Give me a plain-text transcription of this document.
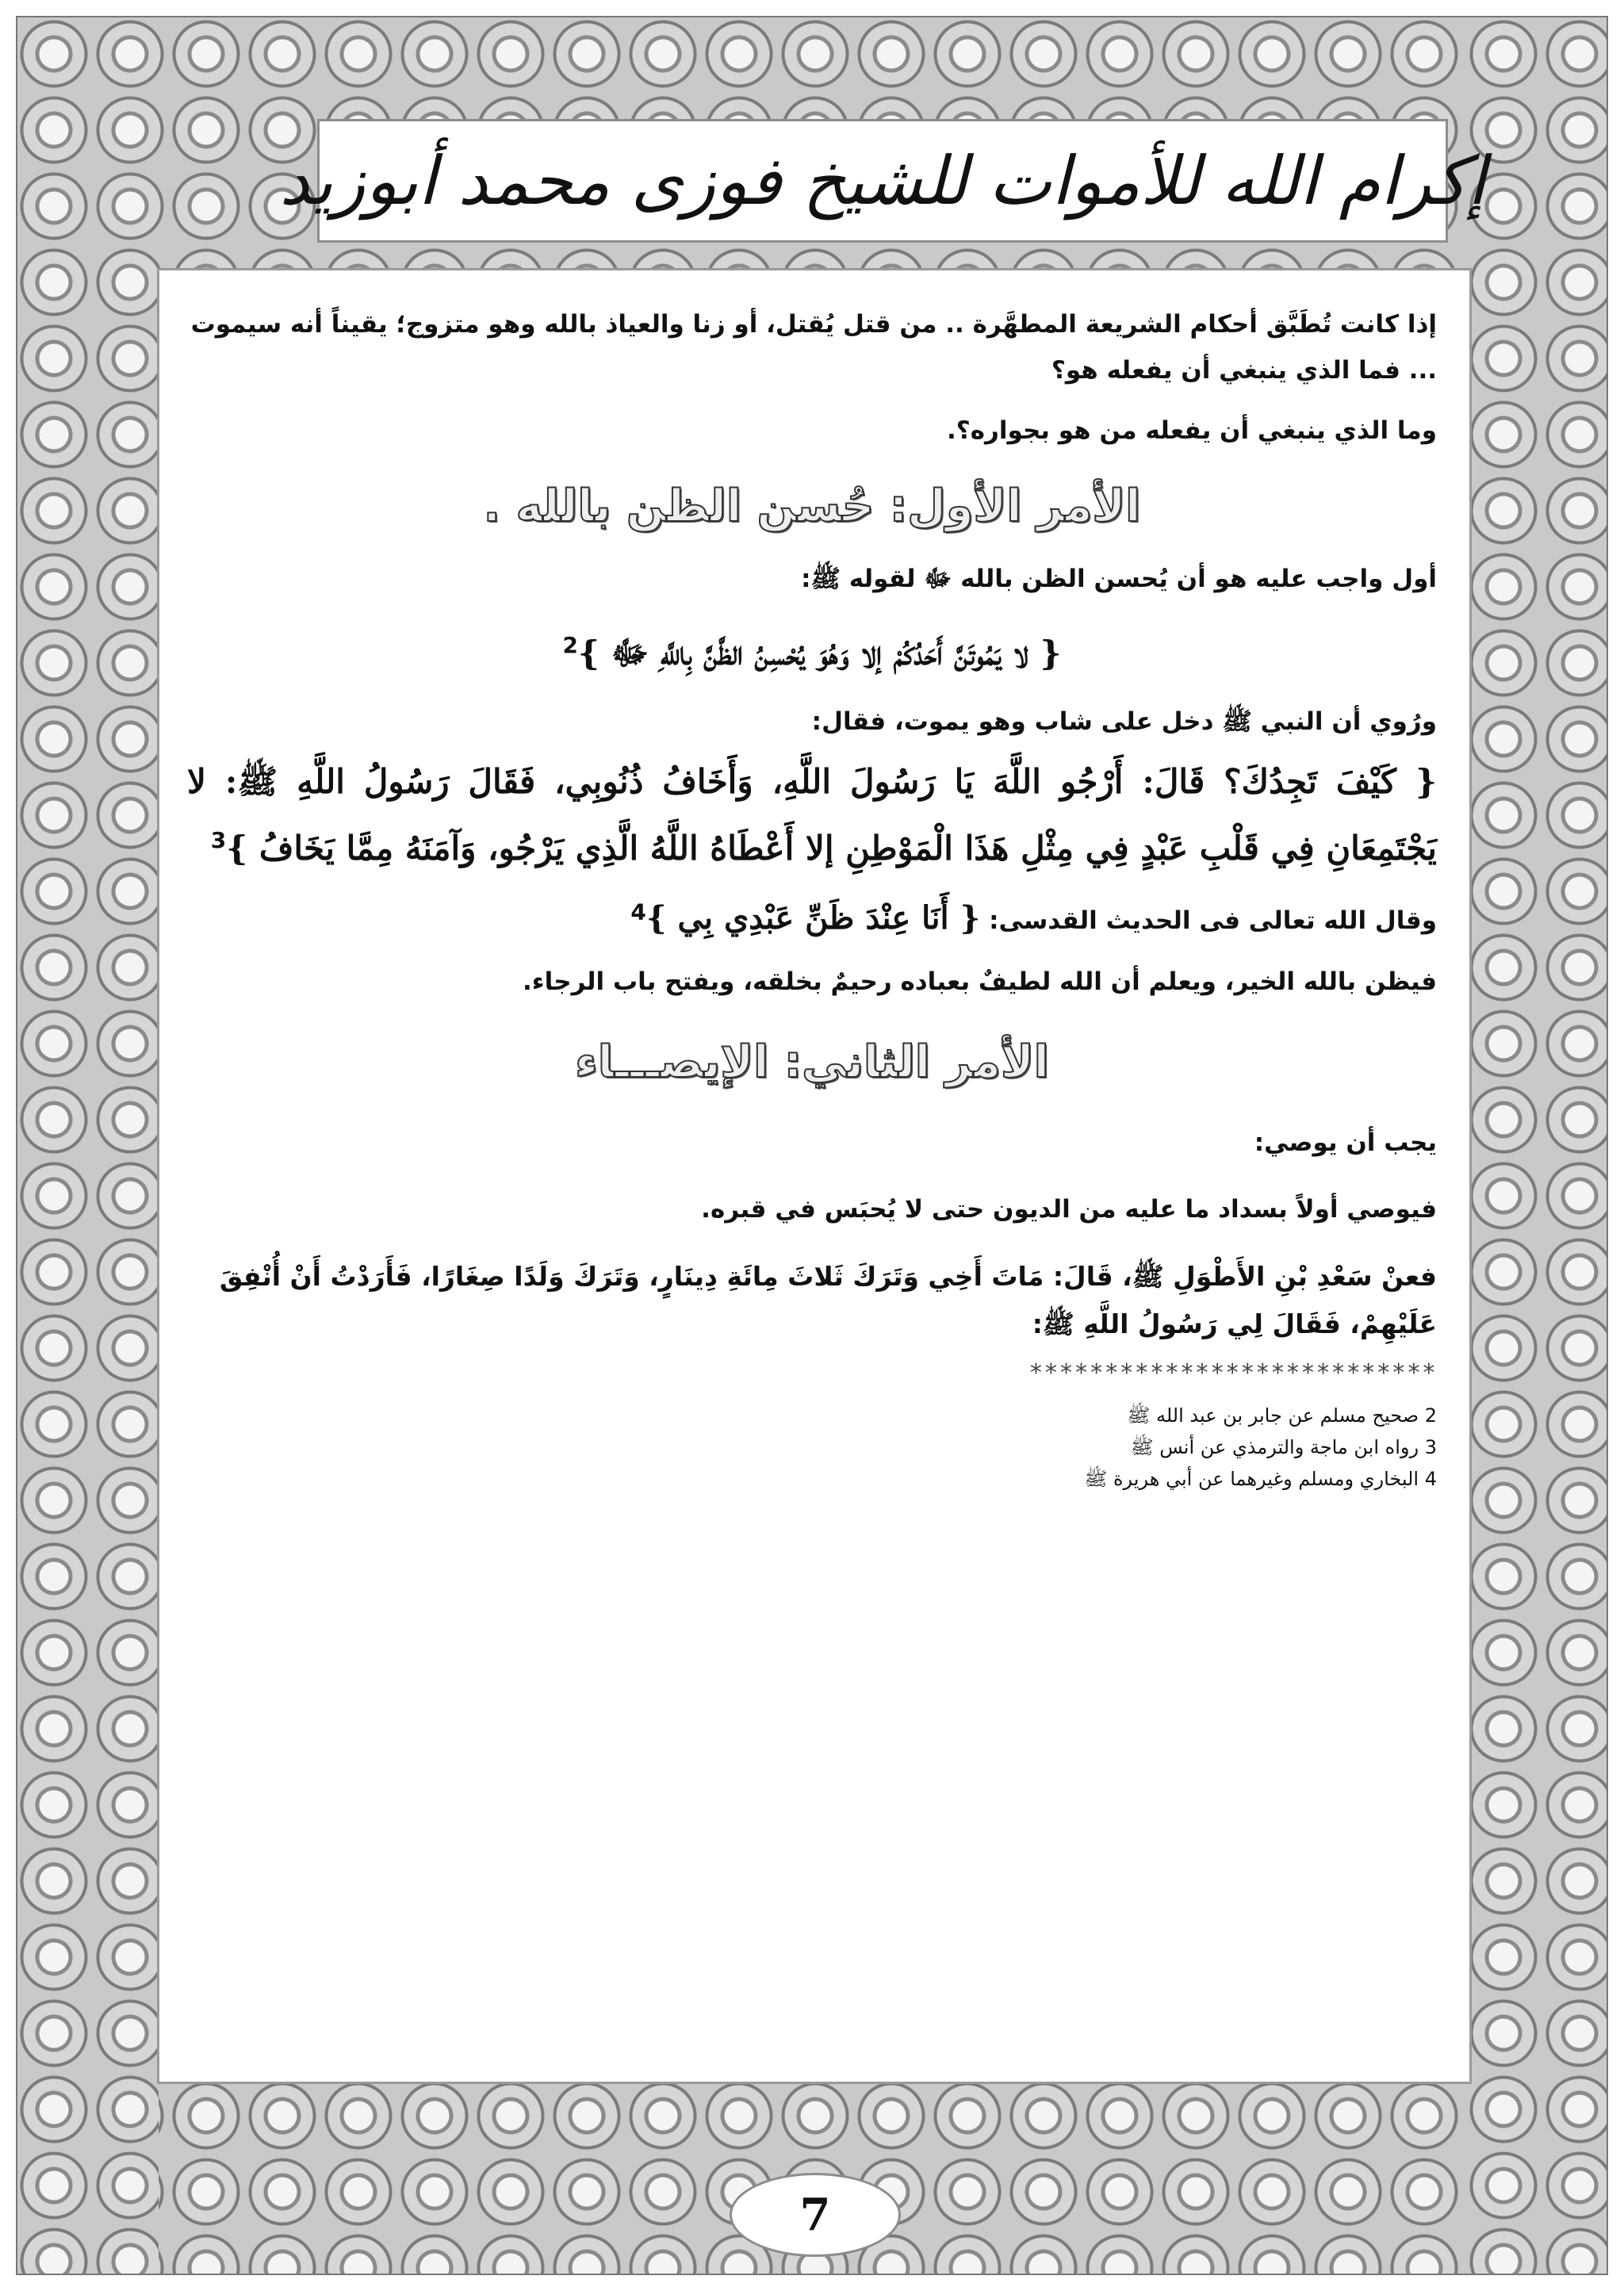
إكرام الله للأموات للشيخ فوزى محمد أبوزيد

إذا كانت تُطَبَّق أحكام الشريعة المطهَّرة .. من قتل يُقتل، أو زنا والعياذ بالله وهو متزوج؛ يقيناً أنه سيموت ... فما الذي ينبغي أن يفعله هو؟

وما الذي ينبغي أن يفعله من هو بجواره؟.

الأمر الأول: حُسن الظن بالله .

أول واجب عليه هو أن يُحسن الظن بالله ﷻ لقوله ﷺ:

{ لا يَمُوتَنَّ أَحَدُكُمْ إلا وَهُوَ يُحْسِنُ الظَّنَّ بِاللَّهِ ﷻ }$^2$

ورُوي أن النبي ﷺ دخل على شاب وهو يموت، فقال:

{ كَيْفَ تَجِدُكَ؟ قَالَ: أَرْجُو اللَّهَ يَا رَسُولَ اللَّهِ، وَأَخَافُ ذُنُوبِي، فَقَالَ رَسُولُ اللَّهِ ﷺ: لا يَجْتَمِعَانِ فِي قَلْبِ عَبْدٍ فِي مِثْلِ هَذَا الْمَوْطِنِ إلا أَعْطَاهُ اللَّهُ الَّذِي يَرْجُو، وَآمَنَهُ مِمَّا يَخَافُ }$^3$

وقال الله تعالى فى الحديث القدسى: { أَنَا عِنْدَ ظَنِّ عَبْدِي بِي }$^4$

فيظن بالله الخير، ويعلم أن الله لطيفٌ بعباده رحيمٌ بخلقه، ويفتح باب الرجاء.

الأمر الثاني: الإيصـــاء

يجب أن يوصي:

فيوصي أولاً بسداد ما عليه من الديون حتى لا يُحبَس في قبره.

فعنْ سَعْدِ بْنِ الأَطْوَلِ ﷺ، قَالَ: مَاتَ أَخِي وَتَرَكَ ثَلاثَ مِائَةِ دِينَارٍ، وَتَرَكَ وَلَدًا صِغَارًا، فَأَرَدْتُ أَنْ أُنْفِقَ عَلَيْهِمْ، فَقَالَ لِي رَسُولُ اللَّهِ ﷺ:

***************************

2 صحيح مسلم عن جابر بن عبد الله ﷺ

3 رواه ابن ماجة والترمذي عن أنس ﷺ

4 البخاري ومسلم وغيرهما عن أبي هريرة ﷺ

7
